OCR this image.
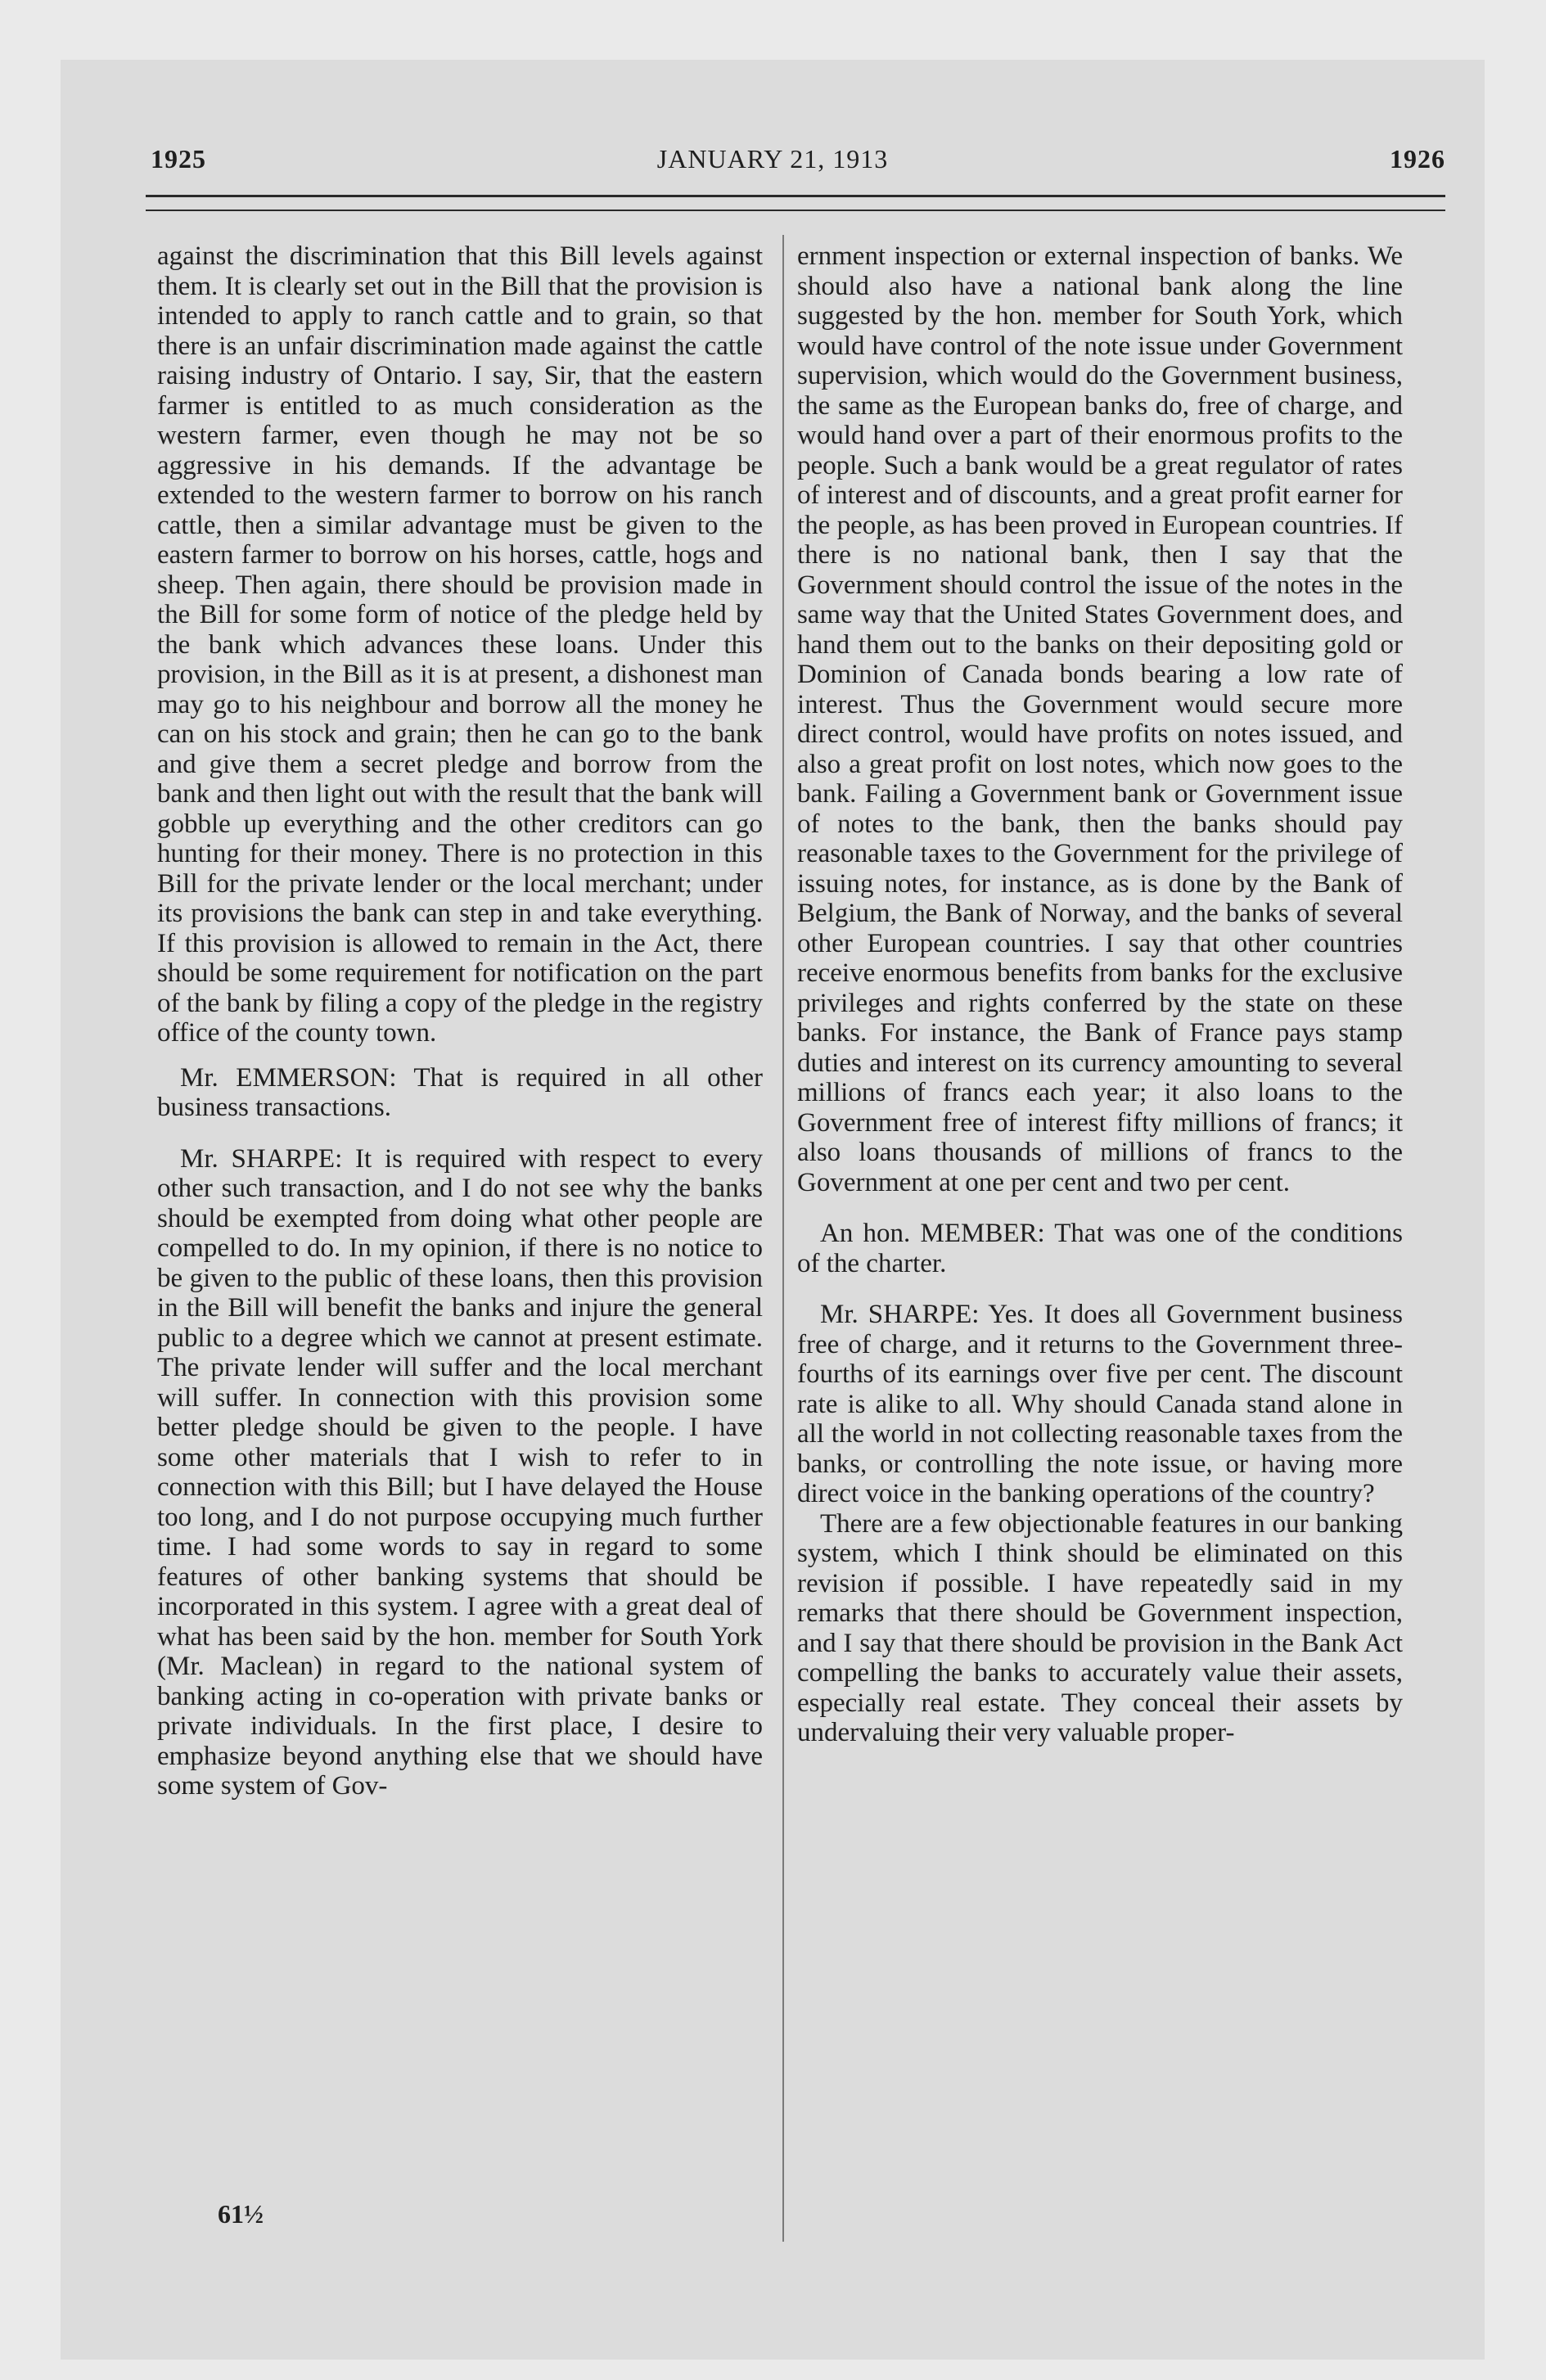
1925	JANUARY 21, 1913	1926

against the discrimination that this Bill levels against them. It is clearly set out in the Bill that the provision is intended to apply to ranch cattle and to grain, so that there is an unfair discrimination made against the cattle raising industry of Ontario. I say, Sir, that the eastern farmer is entitled to as much consideration as the western farmer, even though he may not be so aggressive in his demands. If the advantage be extended to the western farmer to borrow on his ranch cattle, then a similar advantage must be given to the eastern farmer to borrow on his horses, cattle, hogs and sheep. Then again, there should be provision made in the Bill for some form of notice of the pledge held by the bank which advances these loans. Under this provision, in the Bill as it is at present, a dishonest man may go to his neighbour and borrow all the money he can on his stock and grain; then he can go to the bank and give them a secret pledge and borrow from the bank and then light out with the result that the bank will gobble up everything and the other creditors can go hunting for their money. There is no protection in this Bill for the private lender or the local merchant; under its provisions the bank can step in and take everything. If this provision is allowed to remain in the Act, there should be some requirement for notification on the part of the bank by filing a copy of the pledge in the registry office of the county town.

Mr. EMMERSON: That is required in all other business transactions.

Mr. SHARPE: It is required with respect to every other such transaction, and I do not see why the banks should be exempted from doing what other people are compelled to do. In my opinion, if there is no notice to be given to the public of these loans, then this provision in the Bill will benefit the banks and injure the general public to a degree which we cannot at present estimate. The private lender will suffer and the local merchant will suffer. In connection with this provision some better pledge should be given to the people. I have some other materials that I wish to refer to in connection with this Bill; but I have delayed the House too long, and I do not purpose occupying much further time. I had some words to say in regard to some features of other banking systems that should be incorporated in this system. I agree with a great deal of what has been said by the hon. member for South York (Mr. Maclean) in regard to the national system of banking acting in co-operation with private banks or private individuals. In the first place, I desire to emphasize beyond anything else that we should have some system of Gov-

ernment inspection or external inspection of banks. We should also have a national bank along the line suggested by the hon. member for South York, which would have control of the note issue under Government supervision, which would do the Government business, the same as the European banks do, free of charge, and would hand over a part of their enormous profits to the people. Such a bank would be a great regulator of rates of interest and of discounts, and a great profit earner for the people, as has been proved in European countries. If there is no national bank, then I say that the Government should control the issue of the notes in the same way that the United States Government does, and hand them out to the banks on their depositing gold or Dominion of Canada bonds bearing a low rate of interest. Thus the Government would secure more direct control, would have profits on notes issued, and also a great profit on lost notes, which now goes to the bank. Failing a Government bank or Government issue of notes to the bank, then the banks should pay reasonable taxes to the Government for the privilege of issuing notes, for instance, as is done by the Bank of Belgium, the Bank of Norway, and the banks of several other European countries. I say that other countries receive enormous benefits from banks for the exclusive privileges and rights conferred by the state on these banks. For instance, the Bank of France pays stamp duties and interest on its currency amounting to several millions of francs each year; it also loans to the Government free of interest fifty millions of francs; it also loans thousands of millions of francs to the Government at one per cent and two per cent.

An hon. MEMBER: That was one of the conditions of the charter.

Mr. SHARPE: Yes. It does all Government business free of charge, and it returns to the Government three-fourths of its earnings over five per cent. The discount rate is alike to all. Why should Canada stand alone in all the world in not collecting reasonable taxes from the banks, or controlling the note issue, or having more direct voice in the banking operations of the country?

There are a few objectionable features in our banking system, which I think should be eliminated on this revision if possible. I have repeatedly said in my remarks that there should be Government inspection, and I say that there should be provision in the Bank Act compelling the banks to accurately value their assets, especially real estate. They conceal their assets by undervaluing their very valuable proper-

61½
